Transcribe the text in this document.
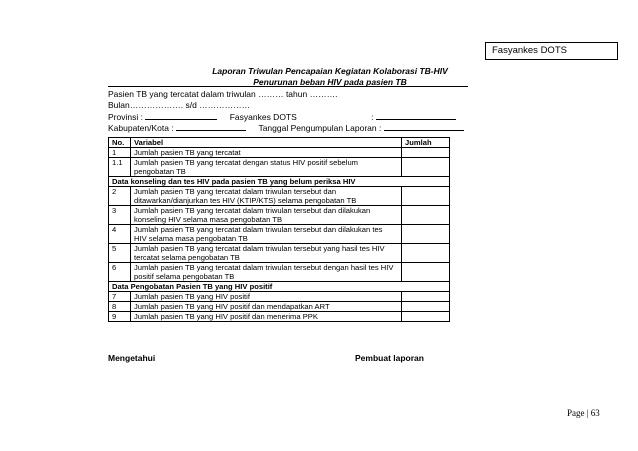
Fasyankes DOTS
Laporan Triwulan Pencapaian Kegiatan Kolaborasi TB-HIV
Penurunan beban HIV pada pasien TB
Pasien TB yang tercatat dalam triwulan ……… tahun ……….
Bulan………………. s/d ………………
Provinsi :	Fasyankes DOTS	:
Kabupaten/Kota :	Tanggal Pengumpulan Laporan :
No.	Variabel	Jumlah
1	Jumlah pasien TB yang tercatat	

1.1	Jumlah pasien TB yang tercatat dengan status HIV positif sebelum
pengobatan TB	

Data konseling dan tes HIV pada pasien TB yang belum periksa HIV		
2	Jumlah pasien TB yang tercatat dalam triwulan tersebut dan
ditawarkan/dianjurkan tes HIV (KTIP/KTS) selama pengobatan TB	

3	Jumlah pasien TB yang tercatat dalam triwulan tersebut dan dilakukan
konseling HIV selama masa pengobatan TB	

4	Jumlah pasien TB yang tercatat dalam triwulan tersebut dan dilakukan tes
HIV selama masa pengobatan TB	

5	Jumlah pasien TB yang tercatat dalam triwulan tersebut yang hasil tes HIV
tercatat selama pengobatan TB	

6	Jumlah pasien TB yang tercatat dalam triwulan tersebut dengan hasil tes HIV
positif selama pengobatan TB	

Data Pengobatan Pasien TB yang HIV positif		
7	Jumlah pasien TB yang HIV positif	

8	Jumlah pasien TB yang HIV positif dan mendapatkan ART	

9	Jumlah pasien TB yang HIV positif dan menerima PPK	

Mengetahui	Pembuat laporan
Page | 63
